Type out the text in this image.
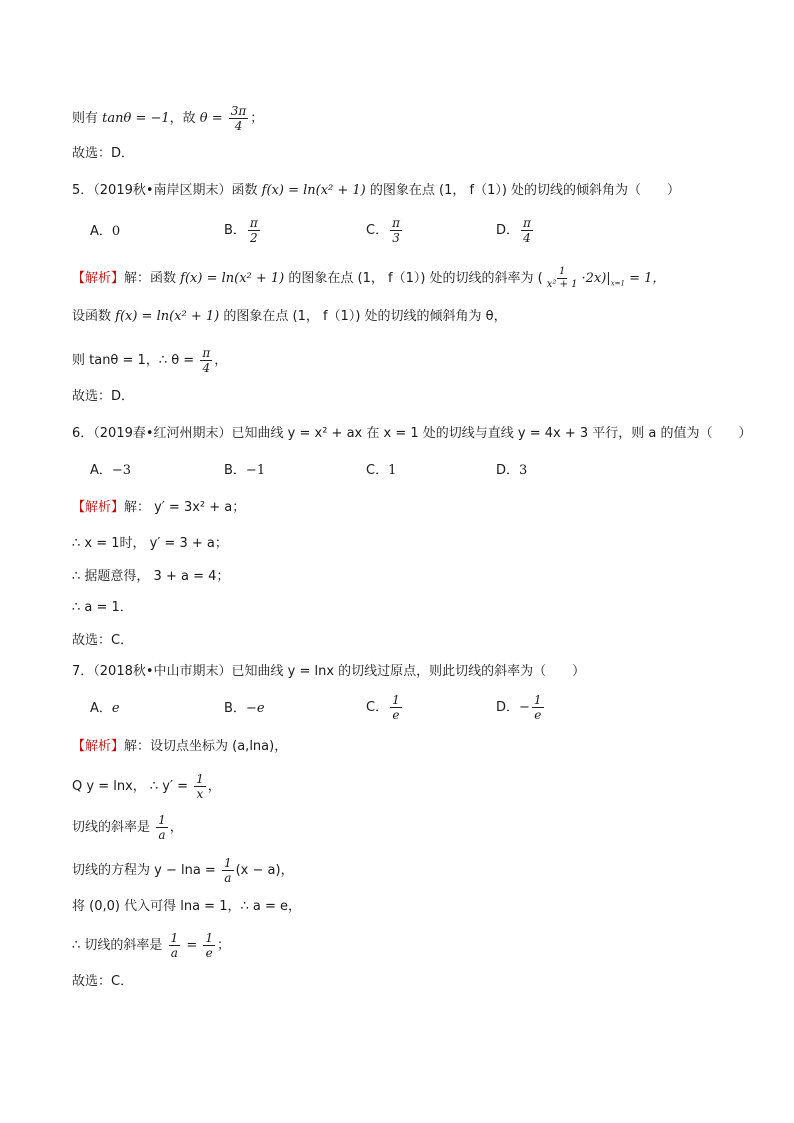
则有 tanθ = −1，故 $\theta = \frac{3\pi}{4}$ ；
故选：D．
5．（2019秋•南岸区期末）函数 f(x) = ln(x² + 1) 的图象在点 (1， f（1）) 处的切线的倾斜角为（　　）
A．0	B． $\frac{\pi}{2}$	C． $\frac{\pi}{3}$	D． $\frac{\pi}{4}$
【解析】解：函数 f(x) = ln(x² + 1) 的图象在点 (1， f（1）) 处的切线的斜率为 ( $\frac{1}{\text{x² + 1}} \cdot 2x)|_{x=1} = 1$，
设函数 f(x) = ln(x² + 1) 的图象在点 (1， f（1）) 处的切线的倾斜角为 θ，
则 tanθ = 1，∴ $\theta = \frac{\pi}{4}$ ，
故选：D．
6．（2019春•红河州期末）已知曲线 y = x² + ax 在 x = 1 处的切线与直线 y = 4x + 3 平行，则 a 的值为（　　）
A．−3	B．−1	C．1	D．3
【解析】解： y′ = 3x² + a；
∴ x = 1时， y′ = 3 + a；
∴ 据题意得， 3 + a = 4；
∴ a = 1．
故选：C．
7．（2018秋•中山市期末）已知曲线 y = lnx 的切线过原点，则此切线的斜率为（　　）
A．e	B．−e	C． $\frac{1}{e}$	D．− $\frac{1}{e}$
【解析】解：设切点坐标为 (a,lna)，
Q y = lnx， ∴ $y' = \frac{1}{x}$ ，
切线的斜率是 $\frac{1}{a}$ ，
切线的方程为 $y - \ln a = \frac{1}{a} (x - a)$，
将 (0,0) 代入可得 lna = 1，∴ a = e，
∴ 切线的斜率是 $\frac{1}{a} = \frac{1}{e}$ ；
故选：C．
